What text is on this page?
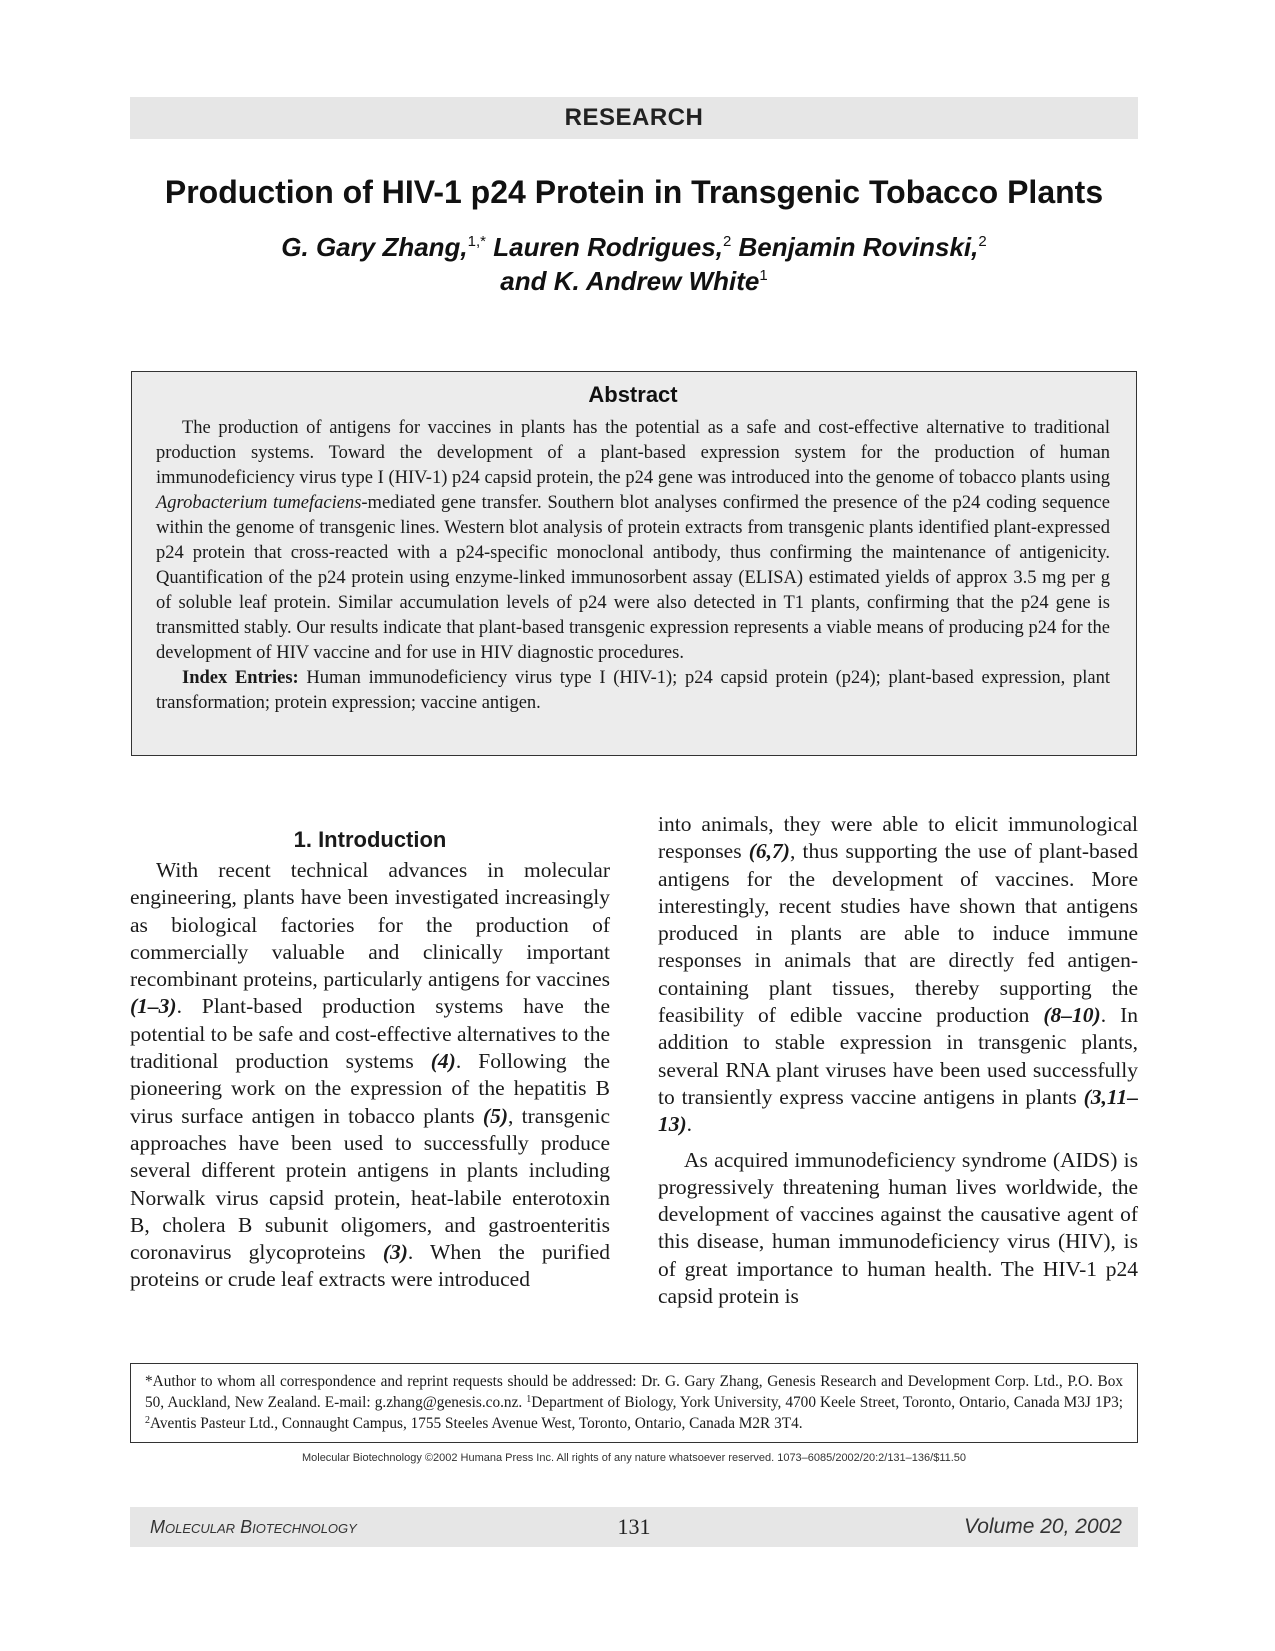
RESEARCH
Production of HIV-1 p24 Protein in Transgenic Tobacco Plants
G. Gary Zhang,$^{1,*}$ Lauren Rodrigues,$^2$ Benjamin Rovinski,$^2$
and K. Andrew White$^1$
Abstract

The production of antigens for vaccines in plants has the potential as a safe and cost-effective alternative to traditional production systems. Toward the development of a plant-based expression system for the production of human immunodeficiency virus type I (HIV-1) p24 capsid protein, the p24 gene was introduced into the genome of tobacco plants using Agrobacterium tumefaciens-mediated gene transfer. Southern blot analyses confirmed the presence of the p24 coding sequence within the genome of transgenic lines. Western blot analysis of protein extracts from transgenic plants identified plant-expressed p24 protein that cross-reacted with a p24-specific monoclonal antibody, thus confirming the maintenance of antigenicity. Quantification of the p24 protein using enzyme-linked immunosorbent assay (ELISA) estimated yields of approx 3.5 mg per g of soluble leaf protein. Similar accumulation levels of p24 were also detected in T1 plants, confirming that the p24 gene is transmitted stably. Our results indicate that plant-based transgenic expression represents a viable means of producing p24 for the development of HIV vaccine and for use in HIV diagnostic procedures.

Index Entries: Human immunodeficiency virus type I (HIV-1); p24 capsid protein (p24); plant-based expression, plant transformation; protein expression; vaccine antigen.

1. Introduction

With recent technical advances in molecular engineering, plants have been investigated increasingly as biological factories for the production of commercially valuable and clinically important recombinant proteins, particularly antigens for vaccines (1–3). Plant-based production systems have the potential to be safe and cost-effective alternatives to the traditional production systems (4). Following the pioneering work on the expression of the hepatitis B virus surface antigen in tobacco plants (5), transgenic approaches have been used to successfully produce several different protein antigens in plants including Norwalk virus capsid protein, heat-labile enterotoxin B, cholera B subunit oligomers, and gastroenteritis coronavirus glycoproteins (3). When the purified proteins or crude leaf extracts were introduced

into animals, they were able to elicit immunological responses (6,7), thus supporting the use of plant-based antigens for the development of vaccines. More interestingly, recent studies have shown that antigens produced in plants are able to induce immune responses in animals that are directly fed antigen-containing plant tissues, thereby supporting the feasibility of edible vaccine production (8–10). In addition to stable expression in transgenic plants, several RNA plant viruses have been used successfully to transiently express vaccine antigens in plants (3,11–13).

As acquired immunodeficiency syndrome (AIDS) is progressively threatening human lives worldwide, the development of vaccines against the causative agent of this disease, human immunodeficiency virus (HIV), is of great importance to human health. The HIV-1 p24 capsid protein is

*Author to whom all correspondence and reprint requests should be addressed: Dr. G. Gary Zhang, Genesis Research and Development Corp. Ltd., P.O. Box 50, Auckland, New Zealand. E-mail: g.zhang@genesis.co.nz. $^1$Department of Biology, York University, 4700 Keele Street, Toronto, Ontario, Canada M3J 1P3; $^2$Aventis Pasteur Ltd., Connaught Campus, 1755 Steeles Avenue West, Toronto, Ontario, Canada M2R 3T4.
Molecular Biotechnology ©2002 Humana Press Inc. All rights of any nature whatsoever reserved. 1073–6085/2002/20:2/131–136/$11.50
Molecular Biotechnology	131	Volume 20, 2002
